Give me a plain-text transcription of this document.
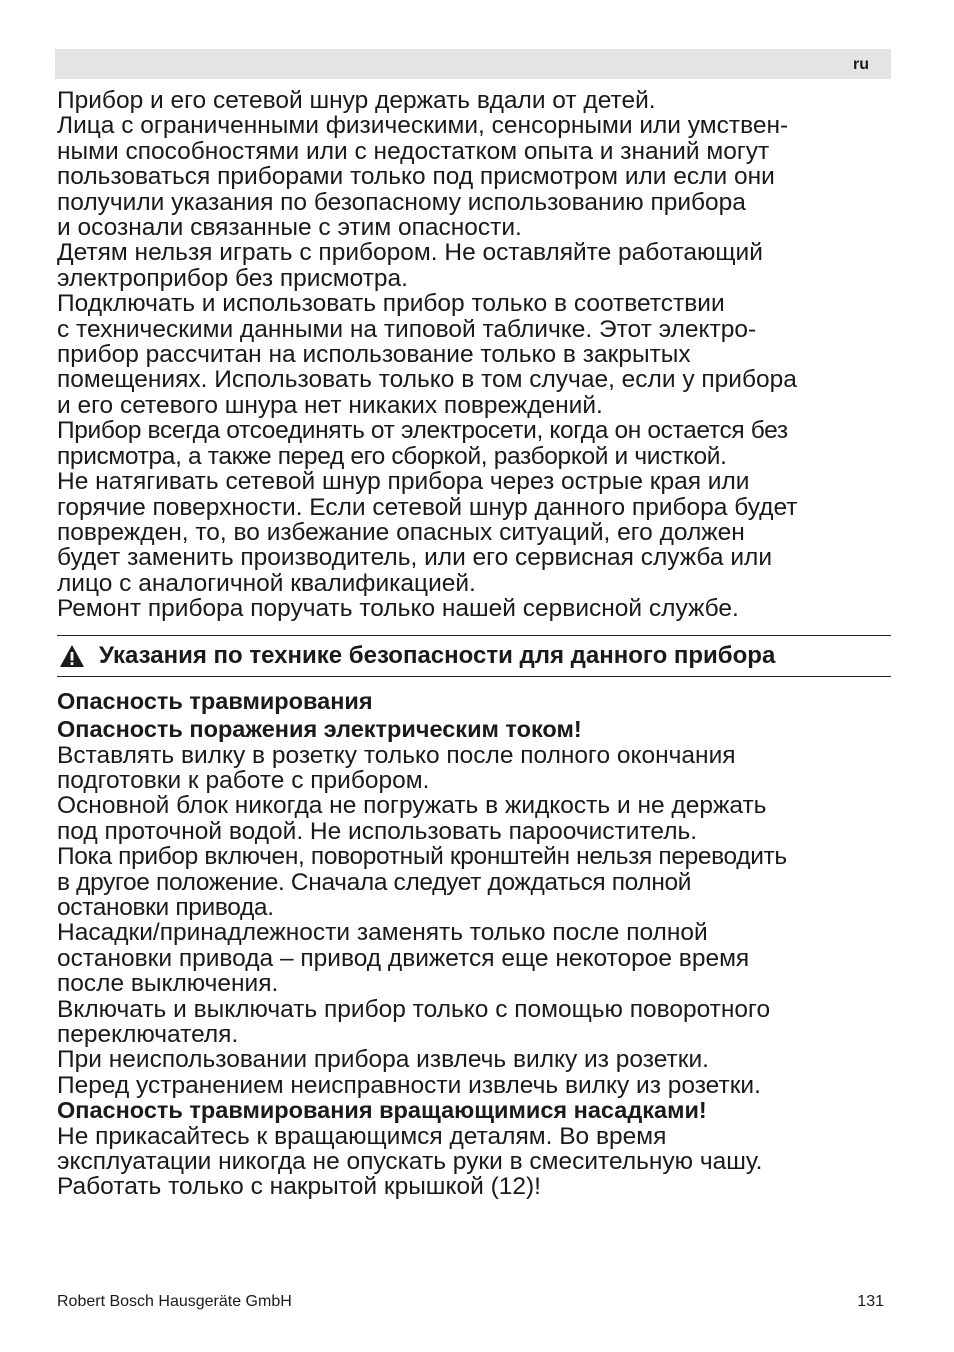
ru

Прибор и его сетевой шнур держать вдали от детей.

Лица с ограниченными физическими, сенсорными или умствен-
ными способностями или с недостатком опыта и знаний могут
пользоваться приборами только под присмотром или если они
получили указания по безопасному использованию прибора
и осознали связанные с этим опасности.

Детям нельзя играть с прибором. Не оставляйте работающий
электроприбор без присмотра.

Подключать и использовать прибор только в соответствии
с техническими данными на типовой табличке. Этот электро-
прибор рассчитан на использование только в закрытых
помещениях. Использовать только в том случае, если у прибора
и его сетевого шнура нет никаких повреждений.

Прибор всегда отсоединять от электросети, когда он остается без
присмотра, а также перед его сборкой, разборкой и чисткой.

Не натягивать сетевой шнур прибора через острые края или
горячие поверхности. Если сетевой шнур данного прибора будет
поврежден, то, во избежание опасных ситуаций, его должен
будет заменить производитель, или его сервисная служба или
лицо с аналогичной квалификацией.

Ремонт прибора поручать только нашей сервисной службе.

Указания по технике безопасности для данного прибора

Опасность травмирования

Опасность поражения электрическим током!

Вставлять вилку в розетку только после полного окончания
подготовки к работе с прибором.

Основной блок никогда не погружать в жидкость и не держать
под проточной водой. Не использовать пароочиститель.

Пока прибор включен, поворотный кронштейн нельзя переводить
в другое положение. Сначала следует дождаться полной
остановки привода.

Насадки/принадлежности заменять только после полной
остановки привода – привод движется еще некоторое время
после выключения.

Включать и выключать прибор только с помощью поворотного
переключателя.

При неиспользовании прибора извлечь вилку из розетки.

Перед устранением неисправности извлечь вилку из розетки.

Опасность травмирования вращающимися насадками!

Не прикасайтесь к вращающимся деталям. Во время
эксплуатации никогда не опускать руки в смесительную чашу.
Работать только с накрытой крышкой (12)!

Robert Bosch Hausgeräte GmbH	131
